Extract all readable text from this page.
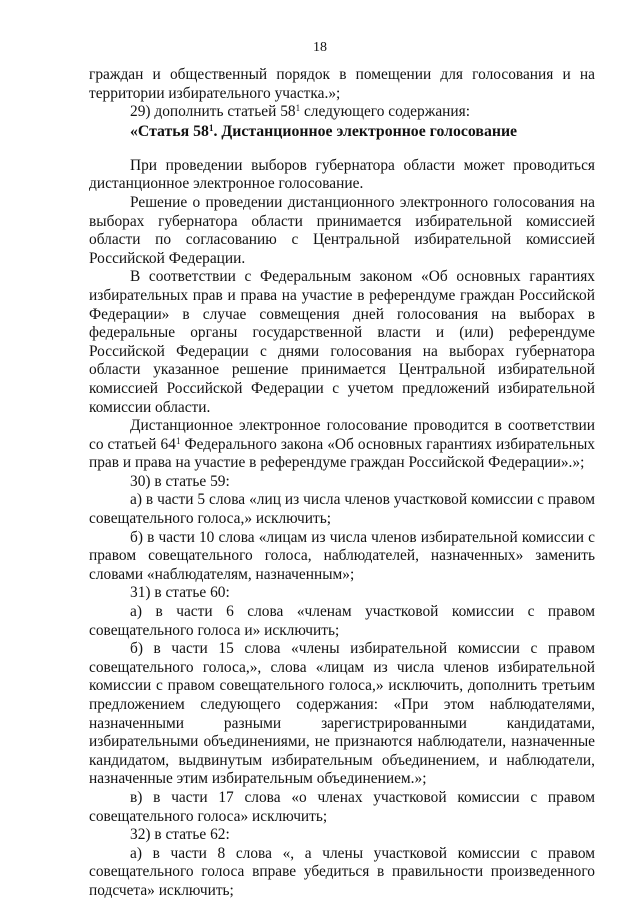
18

граждан и общественный порядок в помещении для голосования и на территории избирательного участка.»;

29) дополнить статьей $58^1$ следующего содержания:

«Статья $58^1$. Дистанционное электронное голосование

При проведении выборов губернатора области может проводиться дистанционное электронное голосование.

Решение о проведении дистанционного электронного голосования на выборах губернатора области принимается избирательной комиссией области по согласованию с Центральной избирательной комиссией Российской Федерации.

В соответствии с Федеральным законом «Об основных гарантиях избирательных прав и права на участие в референдуме граждан Российской Федерации» в случае совмещения дней голосования на выборах в федеральные органы государственной власти и (или) референдуме Российской Федерации с днями голосования на выборах губернатора области указанное решение принимается Центральной избирательной комиссией Российской Федерации с учетом предложений избирательной комиссии области.

Дистанционное электронное голосование проводится в соответствии со статьей $64^1$ Федерального закона «Об основных гарантиях избирательных прав и права на участие в референдуме граждан Российской Федерации».»;

30) в статье 59:

а) в части 5 слова «лиц из числа членов участковой комиссии с правом совещательного голоса,» исключить;

б) в части 10 слова «лицам из числа членов избирательной комиссии с правом совещательного голоса, наблюдателей, назначенных» заменить словами «наблюдателям, назначенным»;

31) в статье 60:

а) в части 6 слова «членам участковой комиссии с правом совещательного голоса и» исключить;

б) в части 15 слова «члены избирательной комиссии с правом совещательного голоса,», слова «лицам из числа членов избирательной комиссии с правом совещательного голоса,» исключить, дополнить третьим предложением следующего содержания: «При этом наблюдателями, назначенными разными зарегистрированными кандидатами, избирательными объединениями, не признаются наблюдатели, назначенные кандидатом, выдвинутым избирательным объединением, и наблюдатели, назначенные этим избирательным объединением.»;

в) в части 17 слова «о членах участковой комиссии с правом совещательного голоса» исключить;

32) в статье 62:

а) в части 8 слова «, а члены участковой комиссии с правом совещательного голоса вправе убедиться в правильности произведенного подсчета» исключить;
